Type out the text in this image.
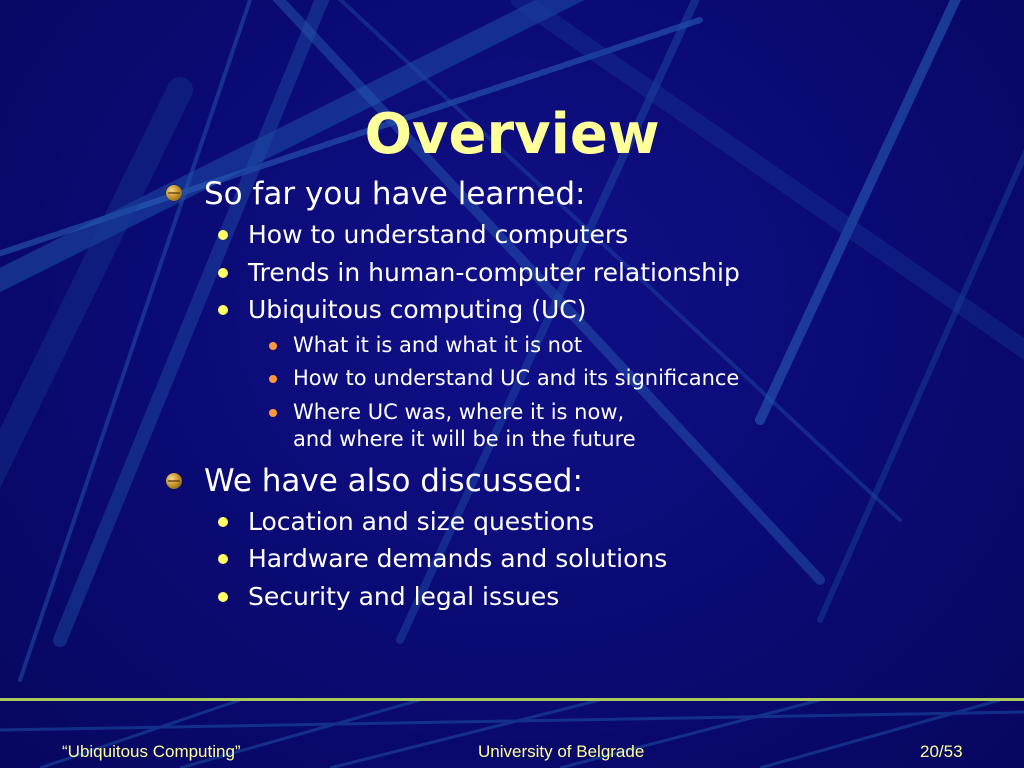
Overview
So far you have learned:
How to understand computers
Trends in human-computer relationship
Ubiquitous computing (UC)
What it is and what it is not
How to understand UC and its significance
Where UC was, where it is now,
and where it will be in the future
We have also discussed:
Location and size questions
Hardware demands and solutions
Security and legal issues
“Ubiquitous Computing”	University of Belgrade	20/53
